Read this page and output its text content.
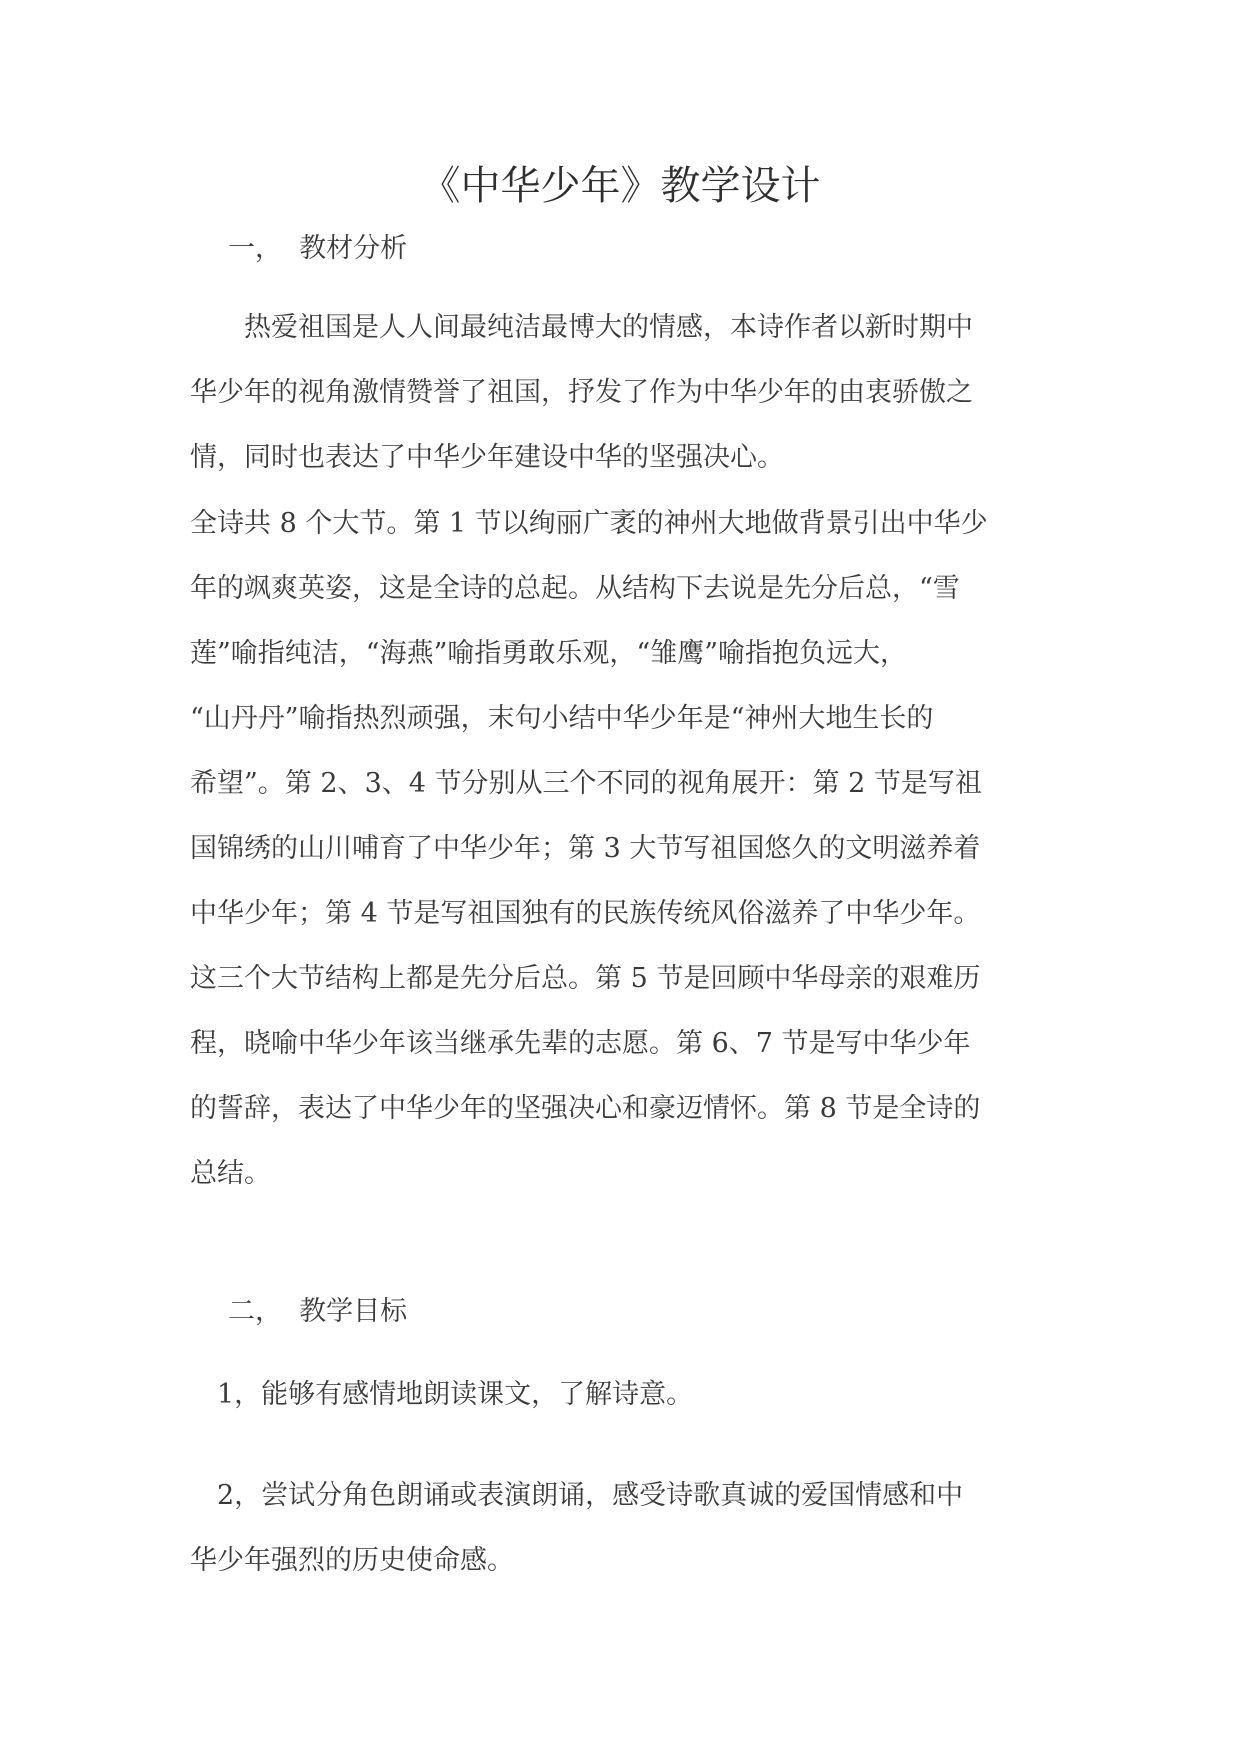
《中华少年》教学设计
一，  教材分析
　　热爱祖国是人人间最纯洁最博大的情感，本诗作者以新时期中
华少年的视角激情赞誉了祖国，抒发了作为中华少年的由衷骄傲之
情，同时也表达了中华少年建设中华的坚强决心。
全诗共 8 个大节。第 1 节以绚丽广袤的神州大地做背景引出中华少
年的飒爽英姿，这是全诗的总起。从结构下去说是先分后总，“雪
莲”喻指纯洁，“海燕”喻指勇敢乐观，“雏鹰”喻指抱负远大，
“山丹丹”喻指热烈顽强，末句小结中华少年是“神州大地生长的
希望”。第 2、3、4 节分别从三个不同的视角展开：第 2 节是写祖
国锦绣的山川哺育了中华少年；第 3 大节写祖国悠久的文明滋养着
中华少年；第 4 节是写祖国独有的民族传统风俗滋养了中华少年。
这三个大节结构上都是先分后总。第 5 节是回顾中华母亲的艰难历
程，晓喻中华少年该当继承先辈的志愿。第 6、7 节是写中华少年
的誓辞，表达了中华少年的坚强决心和豪迈情怀。第 8 节是全诗的
总结。
二，  教学目标
　1，能够有感情地朗读课文，了解诗意。
　2，尝试分角色朗诵或表演朗诵，感受诗歌真诚的爱国情感和中
华少年强烈的历史使命感。
